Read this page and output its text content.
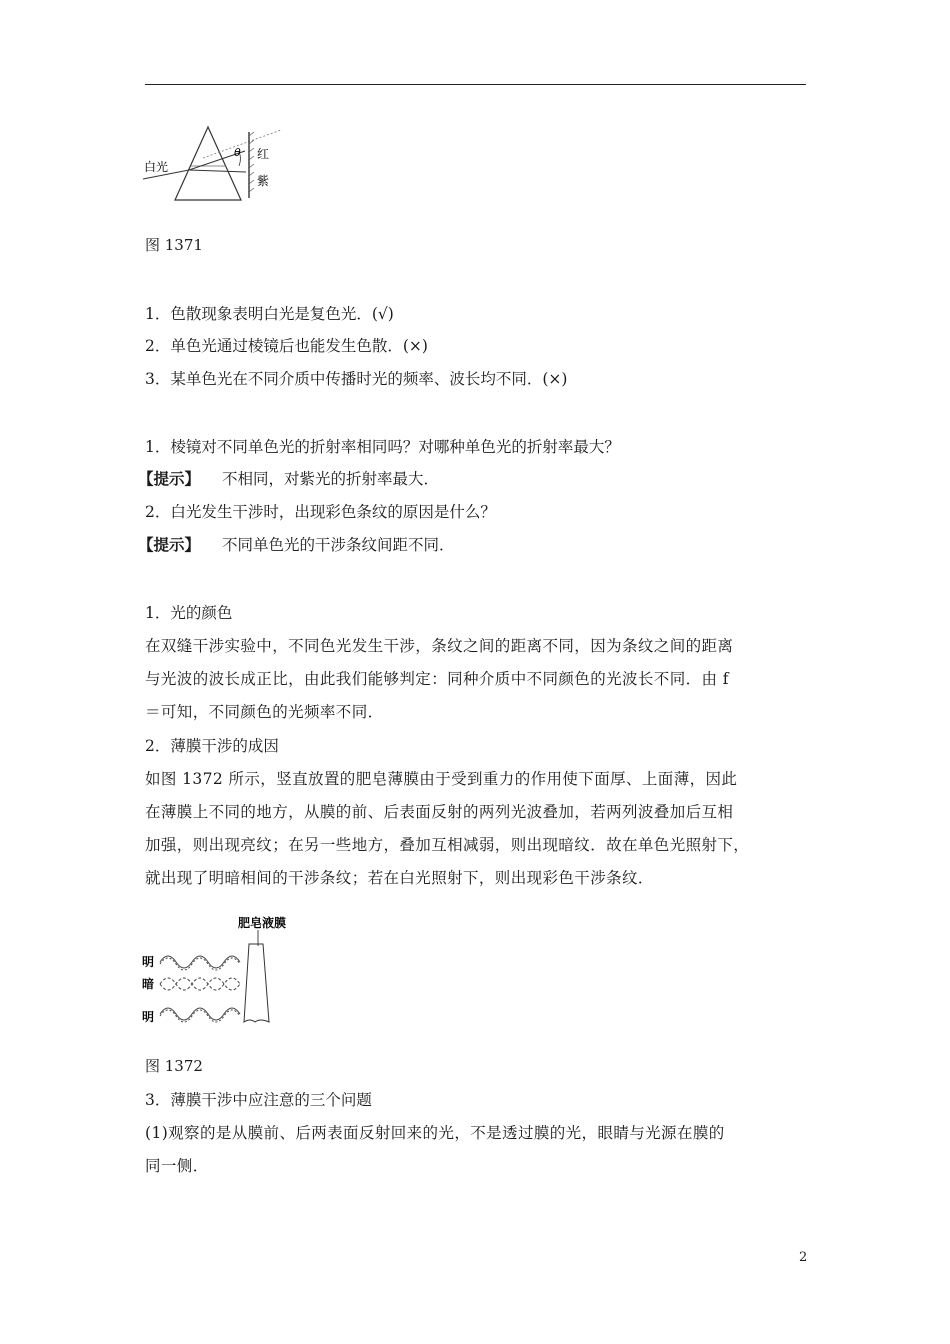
白光
θ 红
紫
图 1371
1．色散现象表明白光是复色光．(√)
2．单色光通过棱镜后也能发生色散．(×)
3．某单色光在不同介质中传播时光的频率、波长均不同．(×)
1．棱镜对不同单色光的折射率相同吗？对哪种单色光的折射率最大？
【提示】 不相同，对紫光的折射率最大．
2．白光发生干涉时，出现彩色条纹的原因是什么？
【提示】 不同单色光的干涉条纹间距不同．
1．光的颜色
在双缝干涉实验中，不同色光发生干涉，条纹之间的距离不同，因为条纹之间的距离
与光波的波长成正比，由此我们能够判定：同种介质中不同颜色的光波长不同．由 f
＝可知，不同颜色的光频率不同．
2．薄膜干涉的成因
如图 1372 所示，竖直放置的肥皂薄膜由于受到重力的作用使下面厚、上面薄，因此
在薄膜上不同的地方，从膜的前、后表面反射的两列光波叠加，若两列波叠加后互相
加强，则出现亮纹；在另一些地方，叠加互相减弱，则出现暗纹．故在单色光照射下，
就出现了明暗相间的干涉条纹；若在白光照射下，则出现彩色干涉条纹．
肥皂液膜
明
暗
明
图 1372
3．薄膜干涉中应注意的三个问题
(1)观察的是从膜前、后两表面反射回来的光，不是透过膜的光，眼睛与光源在膜的
同一侧．
2
